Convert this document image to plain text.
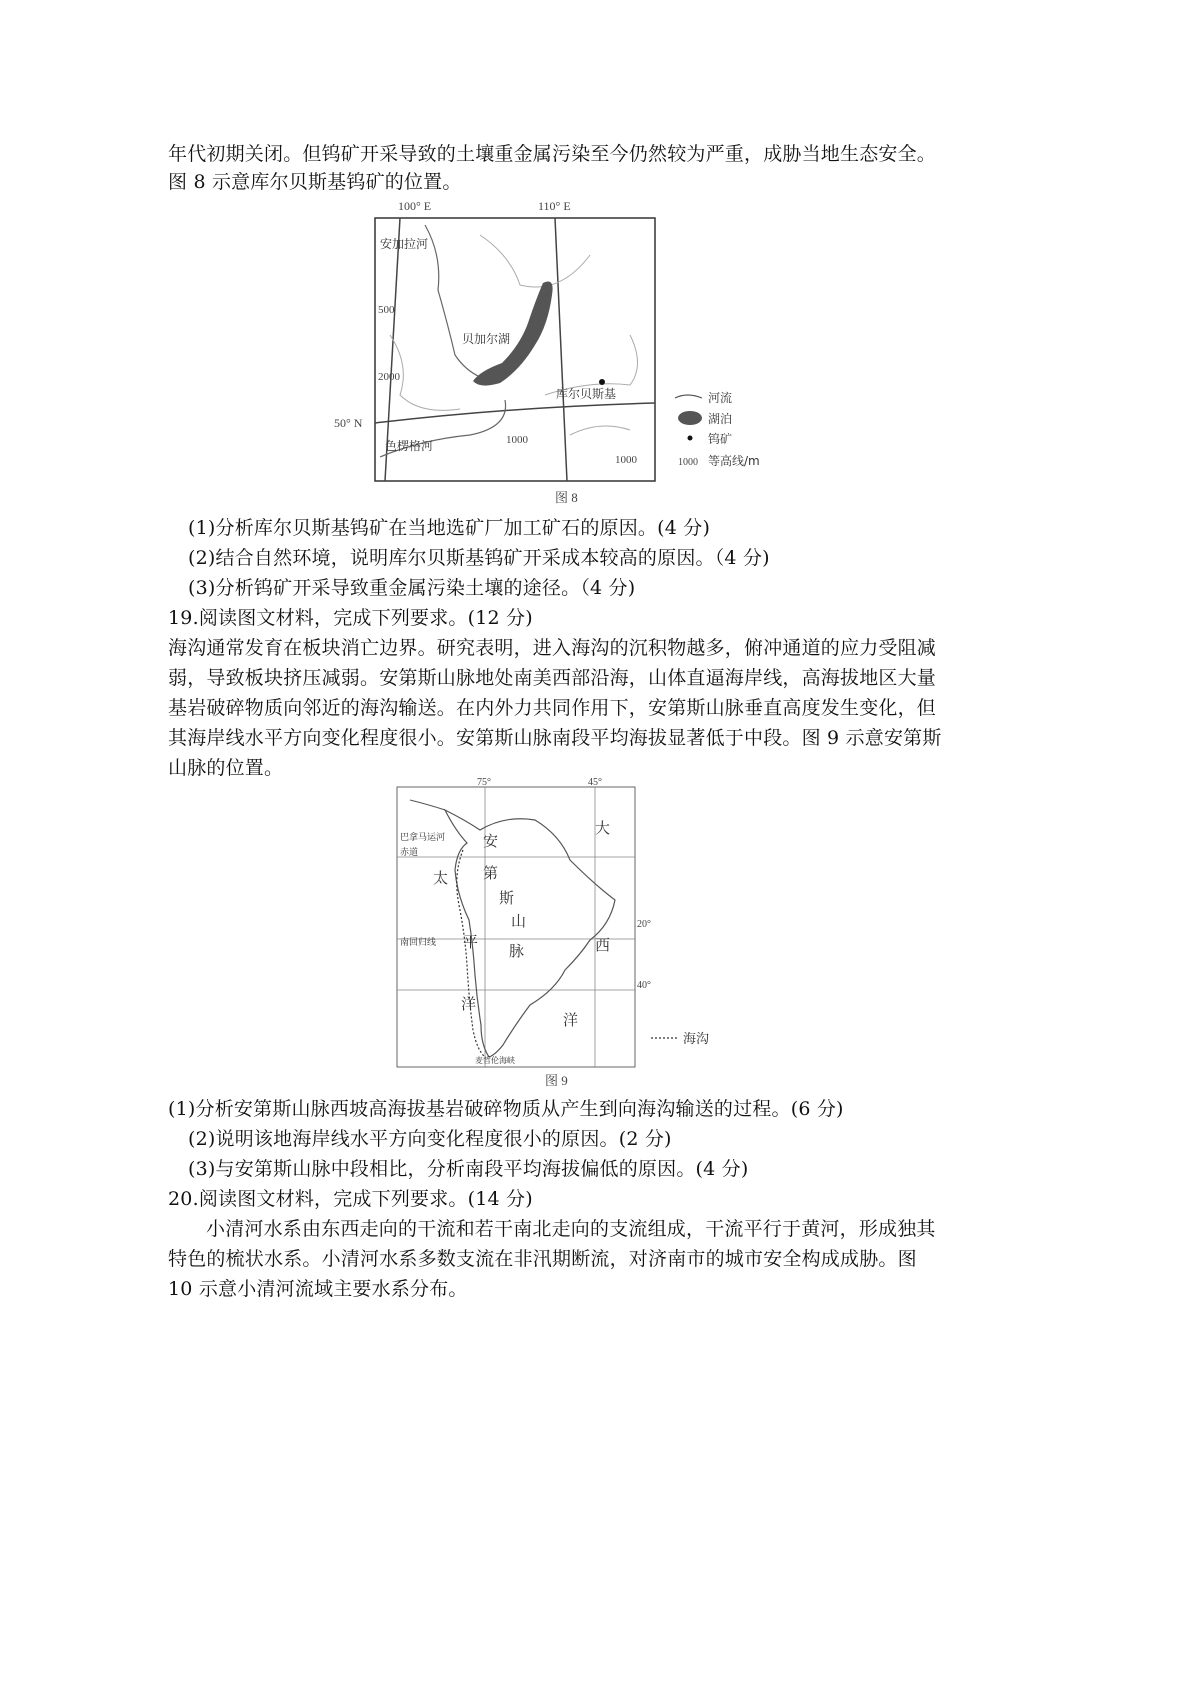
年代初期关闭。但钨矿开采导致的土壤重金属污染至今仍然较为严重，成胁当地生态安全。
图 8 示意库尔贝斯基钨矿的位置。
100° E	110° E
50° N
安加拉河
色楞格河
贝加尔湖
库尔贝斯基
500
2000
1000
1000
河流
湖泊
钨矿
1000 等高线/m
图 8
(1)分析库尔贝斯基钨矿在当地选矿厂加工矿石的原因。(4 分)
(2)结合自然环境，说明库尔贝斯基钨矿开采成本较高的原因。（4 分)
(3)分析钨矿开采导致重金属污染土壤的途径。（4 分)
19.阅读图文材料，完成下列要求。(12 分)
海沟通常发育在板块消亡边界。研究表明，进入海沟的沉积物越多，俯冲通道的应力受阻减
弱，导致板块挤压减弱。安第斯山脉地处南美西部沿海，山体直逼海岸线，高海拔地区大量
基岩破碎物质向邻近的海沟输送。在内外力共同作用下，安第斯山脉垂直高度发生变化，但
其海岸线水平方向变化程度很小。安第斯山脉南段平均海拔显著低于中段。图 9 示意安第斯
山脉的位置。
75°	45°
20°
40°
巴拿马运河
赤道
南回归线
麦哲伦海峡
安
第
斯
山
脉
太
平
洋
大
西
洋
海沟
图 9
(1)分析安第斯山脉西坡高海拔基岩破碎物质从产生到向海沟输送的过程。(6 分)
(2)说明该地海岸线水平方向变化程度很小的原因。(2 分)
(3)与安第斯山脉中段相比，分析南段平均海拔偏低的原因。(4 分)
20.阅读图文材料，完成下列要求。(14 分)
小清河水系由东西走向的干流和若干南北走向的支流组成，干流平行于黄河，形成独其
特色的梳状水系。小清河水系多数支流在非汛期断流，对济南市的城市安全构成成胁。图
10 示意小清河流域主要水系分布。
